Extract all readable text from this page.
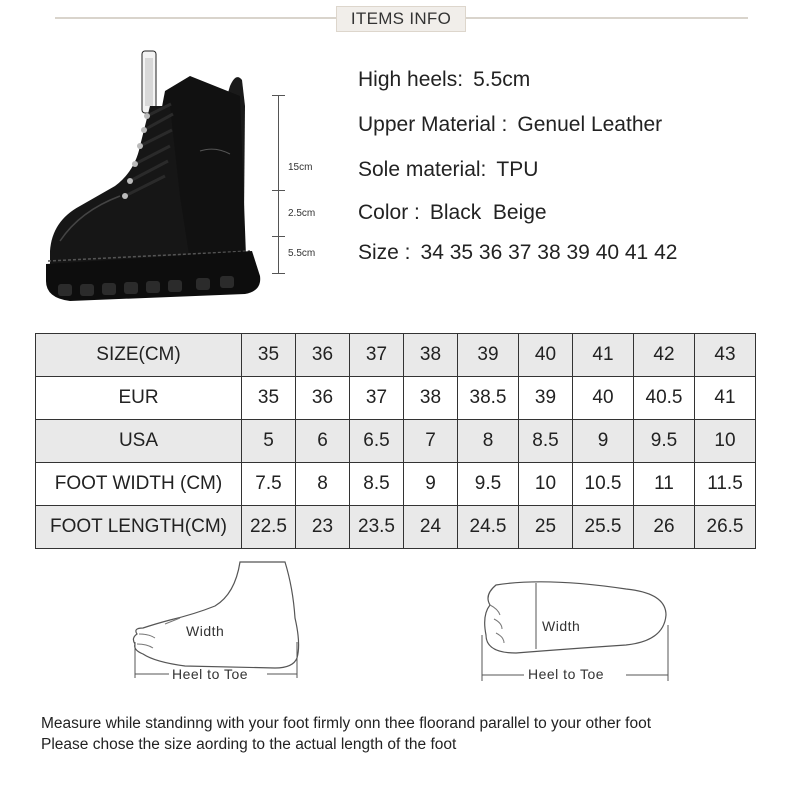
ITEMS INFO
15cm
2.5cm
5.5cm
High heels: 5.5cm
Upper Material : Genuel Leather
Sole material: TPU
Color : Black  Beige
Size : 34 35 36 37 38 39 40 41 42
SIZE(CM)	35	36	37	38	39	40	41	42	43
EUR	35	36	37	38	38.5	39	40	40.5	41
USA	5	6	6.5	7	8	8.5	9	9.5	10
FOOT WIDTH (CM)	7.5	8	8.5	9	9.5	10	10.5	11	11.5
FOOT LENGTH(CM)	22.5	23	23.5	24	24.5	25	25.5	26	26.5
Width
Heel to Toe
Width
Heel to Toe
Measure while standinng with your foot firmly onn thee floorand parallel to your other foot
Please chose the size aording to the actual length of the foot
